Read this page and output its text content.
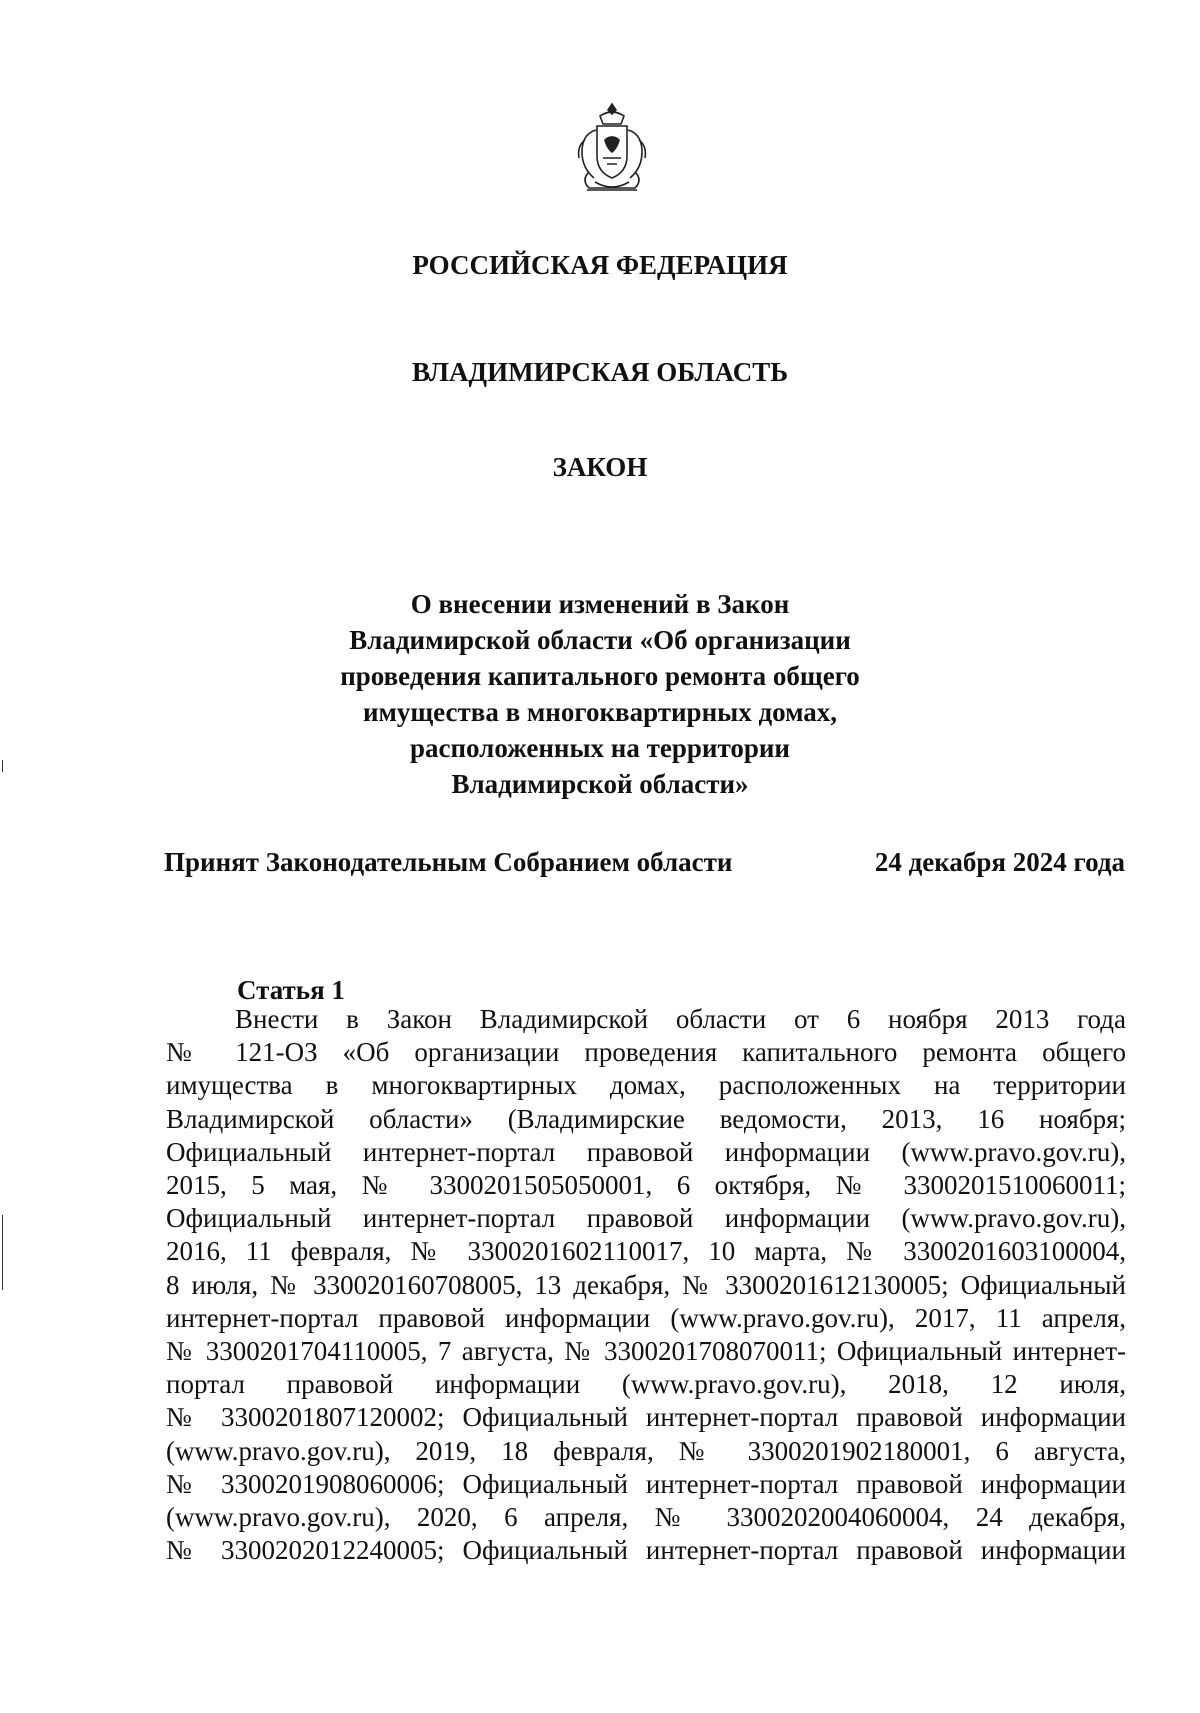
РОССИЙСКАЯ ФЕДЕРАЦИЯ
ВЛАДИМИРСКАЯ ОБЛАСТЬ
ЗАКОН
О внесении изменений в Закон
Владимирской области «Об организации
проведения капитального ремонта общего
имущества в многоквартирных домах,
расположенных на территории
Владимирской области»
Принят Законодательным Собранием области	24 декабря 2024 года
Статья 1
Внести в Закон Владимирской области от 6 ноября 2013 года
№ 121-ОЗ «Об организации проведения капитального ремонта общего
имущества в многоквартирных домах, расположенных на территории
Владимирской области» (Владимирские ведомости, 2013, 16 ноября;
Официальный интернет-портал правовой информации (www.pravo.gov.ru),
2015, 5 мая, № 3300201505050001, 6 октября, № 3300201510060011;
Официальный интернет-портал правовой информации (www.pravo.gov.ru),
2016, 11 февраля, № 3300201602110017, 10 марта, № 3300201603100004,
8 июля, № 330020160708005, 13 декабря, № 3300201612130005; Официальный
интернет-портал правовой информации (www.pravo.gov.ru), 2017, 11 апреля,
№ 3300201704110005, 7 августа, № 3300201708070011; Официальный интернет-
портал правовой информации (www.pravo.gov.ru), 2018, 12 июля,
№ 3300201807120002; Официальный интернет-портал правовой информации
(www.pravo.gov.ru), 2019, 18 февраля, № 3300201902180001, 6 августа,
№ 3300201908060006; Официальный интернет-портал правовой информации
(www.pravo.gov.ru), 2020, 6 апреля, № 3300202004060004, 24 декабря,
№ 3300202012240005; Официальный интернет-портал правовой информации
